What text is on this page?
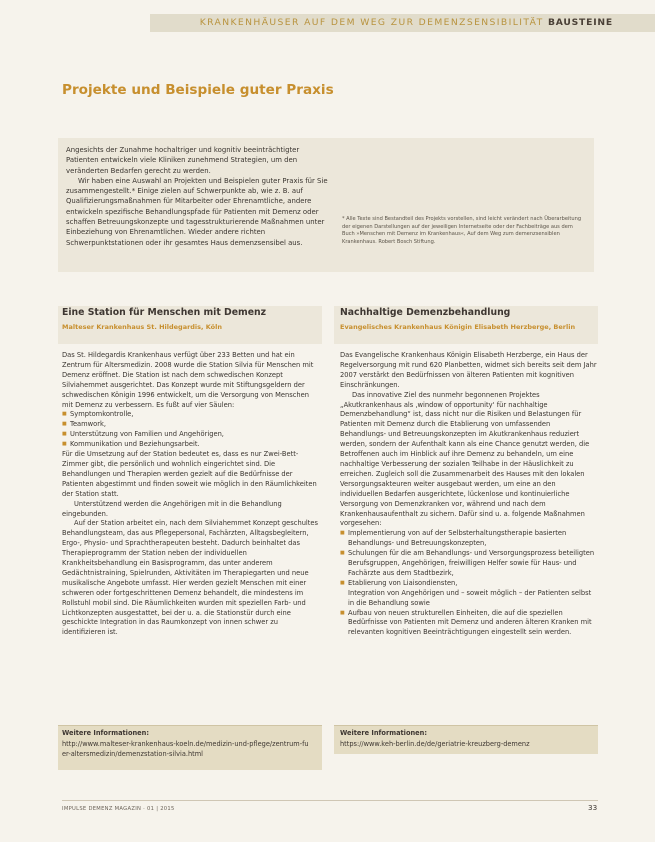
KRANKENHÄUSER AUF DEM WEG ZUR DEMENZSENSIBILITÄT BAUSTEINE
Projekte und Beispiele guter Praxis

Angesichts der Zunahme hochaltriger und kognitiv beeinträchtigter Patienten entwickeln viele Kliniken zunehmend Strategien, um den veränderten Bedarfen gerecht zu werden.

Wir haben eine Auswahl an Projekten und Beispielen guter Praxis für Sie zusammengestellt.* Einige zielen auf Schwerpunkte ab, wie z. B. auf Qualifizierungsmaßnahmen für Mitarbeiter oder Ehrenamtliche, andere entwickeln spezifische Behandlungspfade für Patienten mit Demenz oder schaffen Betreuungskonzepte und tagesstrukturierende Maßnahmen unter Einbeziehung von Ehrenamtlichen. Wieder andere richten Schwerpunktstationen oder ihr gesamtes Haus demenzsensibel aus.

* Alle Texte sind Bestandteil des Projekts vorstellen, sind leicht verändert nach Überarbeitung der eigenen Darstellungen auf der jeweiligen Internetseite oder der Fachbeiträge aus dem Buch »Menschen mit Demenz im Krankenhaus«, Auf dem Weg zum demenzsensiblen Krankenhaus. Robert Bosch Stiftung.
Eine Station für Menschen mit Demenz
Malteser Krankenhaus St. Hildegardis, Köln

Das St. Hildegardis Krankenhaus verfügt über 233 Betten und hat ein Zentrum für Altersmedizin. 2008 wurde die Station Silvia für Menschen mit Demenz eröffnet. Die Station ist nach dem schwedischen Konzept Silviahemmet ausgerichtet. Das Konzept wurde mit Stiftungsgeldern der schwedischen Königin 1996 entwickelt, um die Versorgung von Menschen mit Demenz zu verbessern. Es fußt auf vier Säulen:

■ Symptomkontrolle,
■ Teamwork,
■ Unterstützung von Familien und Angehörigen,
■ Kommunikation und Beziehungsarbeit.

Für die Umsetzung auf der Station bedeutet es, dass es nur Zwei-Bett-Zimmer gibt, die persönlich und wohnlich eingerichtet sind. Die Behandlungen und Therapien werden gezielt auf die Bedürfnisse der Patienten abgestimmt und finden soweit wie möglich in den Räumlichkeiten der Station statt.

Unterstützend werden die Angehörigen mit in die Behandlung eingebunden.

Auf der Station arbeitet ein, nach dem Silviahemmet Konzept geschultes Behandlungsteam, das aus Pflegepersonal, Fachärzten, Alltagsbegleitern, Ergo-, Physio- und Sprachtherapeuten besteht. Dadurch beinhaltet das Therapieprogramm der Station neben der individuellen Krankheitsbehandlung ein Basisprogramm, das unter anderem Gedächtnistraining, Spielrunden, Aktivitäten im Therapiegarten und neue musikalische Angebote umfasst. Hier werden gezielt Menschen mit einer schweren oder fortgeschrittenen Demenz behandelt, die mindestens im Rollstuhl mobil sind. Die Räumlichkeiten wurden mit speziellen Farb- und Lichtkonzepten ausgestattet, bei der u. a. die Stationstür durch eine geschickte Integration in das Raumkonzept von innen schwer zu identifizieren ist.

Weitere Informationen:
http://www.malteser-krankenhaus-koeln.de/medizin-und-pflege/zentrum-fuer-altersmedizin/demenzstation-silvia.html
Nachhaltige Demenzbehandlung
Evangelisches Krankenhaus Königin Elisabeth Herzberge, Berlin

Das Evangelische Krankenhaus Königin Elisabeth Herzberge, ein Haus der Regelversorgung mit rund 620 Planbetten, widmet sich bereits seit dem Jahr 2007 verstärkt den Bedürfnissen von älteren Patienten mit kognitiven Einschränkungen.

Das innovative Ziel des nunmehr begonnenen Projektes „Akutkrankenhaus als ‚window of opportunity‘ für nachhaltige Demenzbehandlung“ ist, dass nicht nur die Risiken und Belastungen für Patienten mit Demenz durch die Etablierung von umfassenden Behandlungs- und Betreuungskonzepten im Akutkrankenhaus reduziert werden, sondern der Aufenthalt kann als eine Chance genutzt werden, die Betroffenen auch im Hinblick auf ihre Demenz zu behandeln, um eine nachhaltige Verbesserung der sozialen Teilhabe in der Häuslichkeit zu erreichen. Zugleich soll die Zusammenarbeit des Hauses mit den lokalen Versorgungsakteuren weiter ausgebaut werden, um eine an den individuellen Bedarfen ausgerichtete, lückenlose und kontinuierliche Versorgung von Demenzkranken vor, während und nach dem Krankenhausaufenthalt zu sichern. Dafür sind u. a. folgende Maßnahmen vorgesehen:

■ Implementierung von auf der Selbsterhaltungstherapie basierten Behandlungs- und Betreuungskonzepten,
■ Schulungen für die am Behandlungs- und Versorgungsprozess beteiligten Berufsgruppen, Angehörigen, freiwilligen Helfer sowie für Haus- und Fachärzte aus dem Stadtbezirk,
■ Etablierung von Liaisondiensten,
Integration von Angehörigen und – soweit möglich – der Patienten selbst in die Behandlung sowie
■ Aufbau von neuen strukturellen Einheiten, die auf die speziellen Bedürfnisse von Patienten mit Demenz und anderen älteren Kranken mit relevanten kognitiven Beeinträchtigungen eingestellt sein werden.
Weitere Informationen:
https://www.keh-berlin.de/de/geriatrie-kreuzberg-demenz
IMPULSE DEMENZ MAGAZIN · 01 | 2015	33
